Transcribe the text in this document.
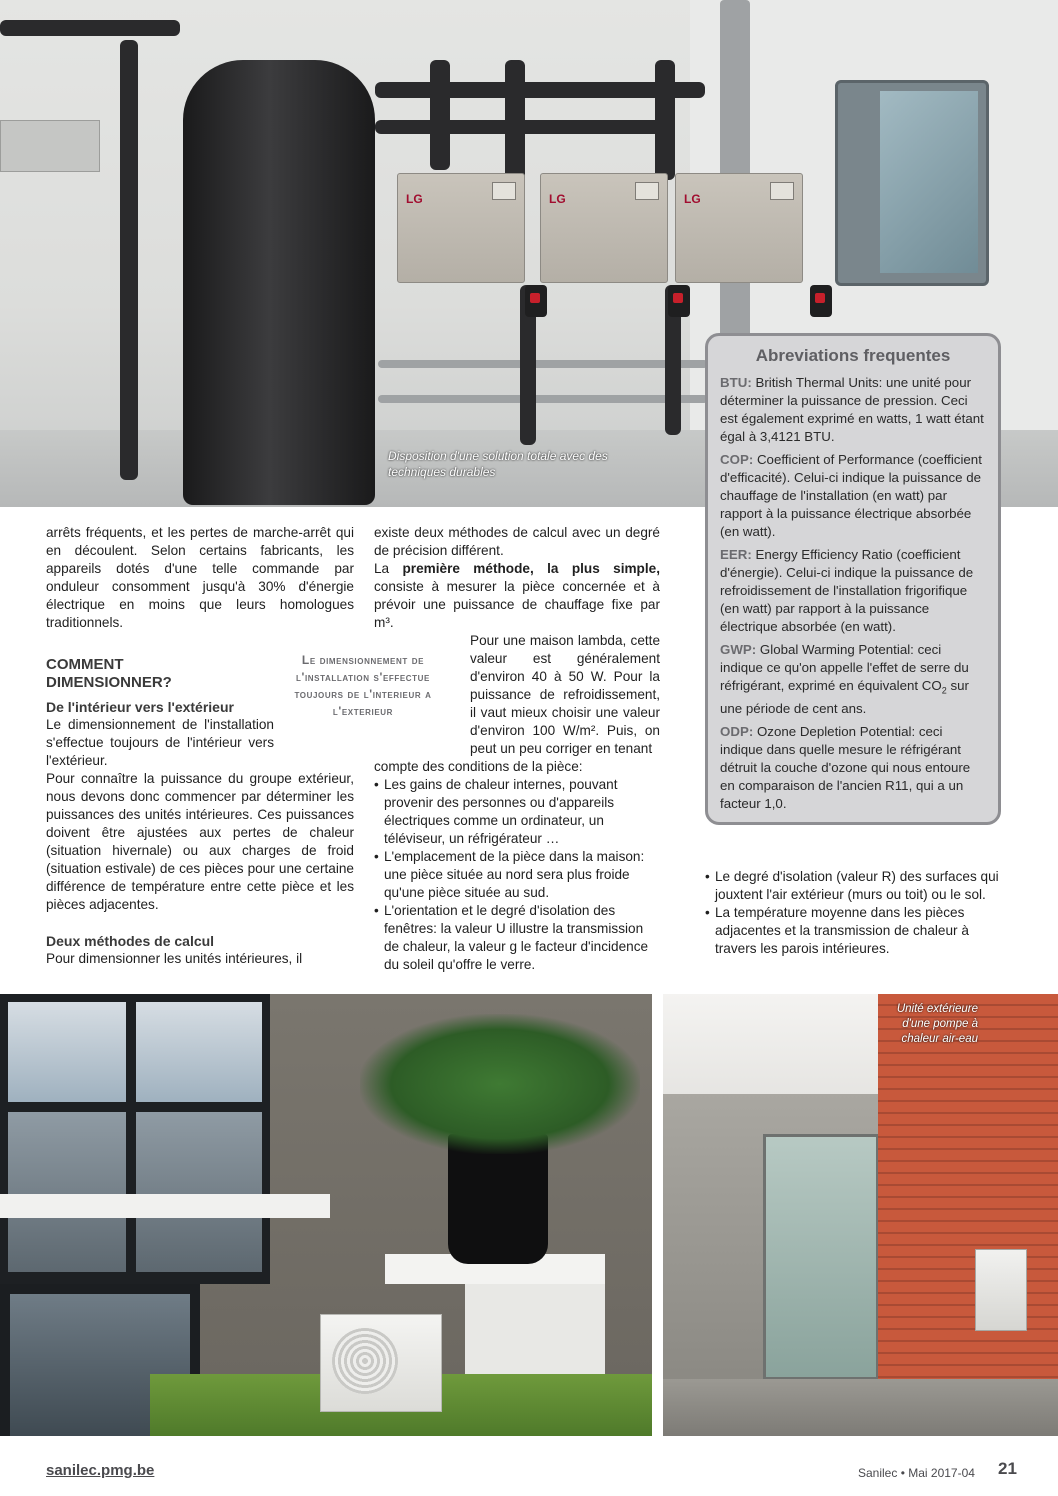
LG	LG	LG
Disposition d'une solution totale avec des techniques durables
Abreviations frequentes
BTU: British Thermal Units: une unité pour déterminer la puissance de pression. Ceci est également exprimé en watts, 1 watt étant égal à 3,4121 BTU.
COP: Coefficient of Performance (coefficient d'efficacité). Celui-ci indique la puissance de chauffage de l'installation (en watt) par rapport à la puissance électrique absorbée (en watt).
EER: Energy Efficiency Ratio (coefficient d'énergie). Celui-ci indique la puissance de refroidissement de l'installation frigorifique (en watt) par rapport à la puissance électrique absorbée (en watt).
GWP: Global Warming Potential: ceci indique ce qu'on appelle l'effet de serre du réfrigérant, exprimé en équivalent $CO_2$ sur une période de cent ans.
ODP: Ozone Depletion Potential: ceci indique dans quelle mesure le réfrigérant détruit la couche d'ozone qui nous entoure en comparaison de l'ancien R11, qui a un facteur 1,0.

arrêts fréquents, et les pertes de marche-arrêt qui en découlent. Selon certains fabricants, les appareils dotés d'une telle commande par onduleur consomment jusqu'à 30% d'énergie électrique en moins que leurs homologues traditionnels.

COMMENT

DIMENSIONNER?

De l'intérieur vers l'extérieur

Le dimensionnement de l'installation s'effectue toujours de l'intérieur vers l'extérieur.

Pour connaître la puissance du groupe extérieur, nous devons donc commencer par déterminer les puissances des unités intérieures. Ces puissances doivent être ajustées aux pertes de chaleur (situation hivernale) ou aux charges de froid (situation estivale) de ces pièces pour une certaine différence de température entre cette pièce et les pièces adjacentes.

Deux méthodes de calcul

Pour dimensionner les unités intérieures, il

Le dimensionnement de l'installation s'effectue toujours de l'interieur a l'exterieur

existe deux méthodes de calcul avec un degré de précision différent.

La première méthode, la plus simple, consiste à mesurer la pièce concernée et à prévoir une puissance de chauffage fixe par m³.

Pour une maison lambda, cette valeur est généralement d'environ 40 à 50 W. Pour la puissance de refroidissement, il vaut mieux choisir une valeur d'environ 100 W/m². Puis, on peut un peu corriger en tenant

compte des conditions de la pièce:

• Les gains de chaleur internes, pouvant provenir des personnes ou d'appareils électriques comme un ordinateur, un téléviseur, un réfrigérateur …
• L'emplacement de la pièce dans la maison: une pièce située au nord sera plus froide qu'une pièce située au sud.
• L'orientation et le degré d'isolation des fenêtres: la valeur U illustre la transmission de chaleur, la valeur g le facteur d'incidence du soleil qu'offre le verre.
• Le degré d'isolation (valeur R) des surfaces qui jouxtent l'air extérieur (murs ou toit) ou le sol.
• La température moyenne dans les pièces adjacentes et la transmission de chaleur à travers les parois intérieures.
Unité extérieure d'une pompe à chaleur air-eau
sanilec.pmg.be	Sanilec • Mai 2017-04 21
